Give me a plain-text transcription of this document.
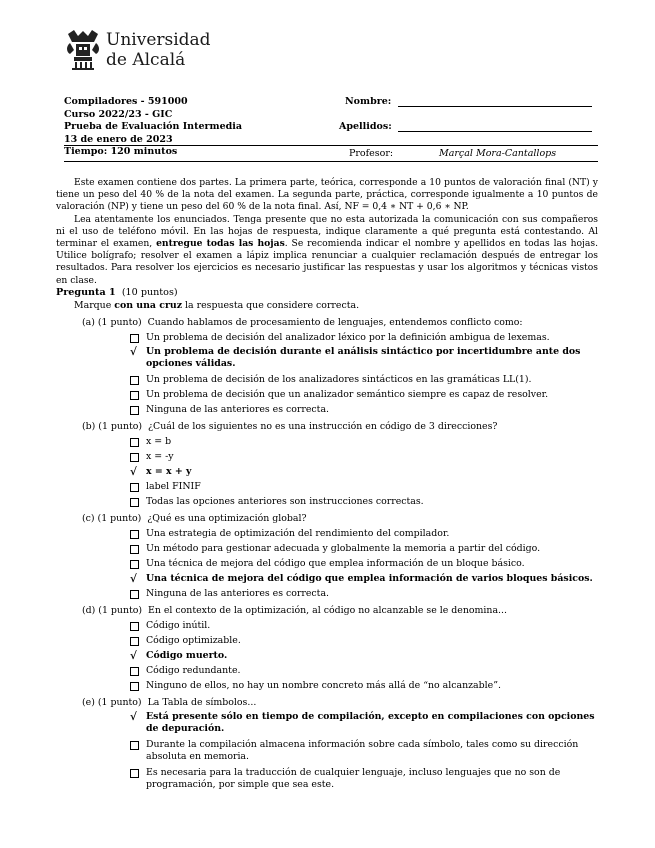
Universidad
de Alcalá
Compiladores - 591000
Curso 2022/23 - GIC
Prueba de Evaluación Intermedia
13 de enero de 2023
Tiempo: 120 minutos
Nombre:
Apellidos:
Profesor:	Marçal Mora-Cantallops

Este examen contiene dos partes. La primera parte, teórica, corresponde a 10 puntos de valoración final (NT) y tiene un peso del 40 % de la nota del examen. La segunda parte, práctica, corresponde igualmente a 10 puntos de valoración (NP) y tiene un peso del 60 % de la nota final. Así, NF = 0,4 ∗ NT + 0,6 ∗ NP.

Lea atentamente los enunciados. Tenga presente que no esta autorizada la comunicación con sus compañeros ni el uso de teléfono móvil. En las hojas de respuesta, indique claramente a qué pregunta está contestando. Al terminar el examen, entregue todas las hojas. Se recomienda indicar el nombre y apellidos en todas las hojas. Utilice bolígrafo; resolver el examen a lápiz implica renunciar a cualquier reclamación después de entregar los resultados. Para resolver los ejercicios es necesario justificar las respuestas y usar los algoritmos y técnicas vistos en clase.

Pregunta 1 (10 puntos)
Marque con una cruz la respuesta que considere correcta.
(a) (1 punto) Cuando hablamos de procesamiento de lenguajes, entendemos conflicto como:
Un problema de decisión del analizador léxico por la definición ambigua de lexemas.
√ Un problema de decisión durante el análisis sintáctico por incertidumbre ante dos opciones válidas.
Un problema de decisión de los analizadores sintácticos en las gramáticas LL(1).
Un problema de decisión que un analizador semántico siempre es capaz de resolver.
Ninguna de las anteriores es correcta.
(b) (1 punto) ¿Cuál de los siguientes no es una instrucción en código de 3 direcciones?
x = b
x = -y
√ x = x + y
label FINIF
Todas las opciones anteriores son instrucciones correctas.
(c) (1 punto) ¿Qué es una optimización global?
Una estrategia de optimización del rendimiento del compilador.
Un método para gestionar adecuada y globalmente la memoria a partir del código.
Una técnica de mejora del código que emplea información de un bloque básico.
√ Una técnica de mejora del código que emplea información de varios bloques básicos.
Ninguna de las anteriores es correcta.
(d) (1 punto) En el contexto de la optimización, al código no alcanzable se le denomina...
Código inútil.
Código optimizable.
√ Código muerto.
Código redundante.
Ninguno de ellos, no hay un nombre concreto más allá de “no alcanzable”.
(e) (1 punto) La Tabla de símbolos...
√ Está presente sólo en tiempo de compilación, excepto en compilaciones con opciones de depuración.
Durante la compilación almacena información sobre cada símbolo, tales como su dirección absoluta en memoria.
Es necesaria para la traducción de cualquier lenguaje, incluso lenguajes que no son de programación, por simple que sea este.
